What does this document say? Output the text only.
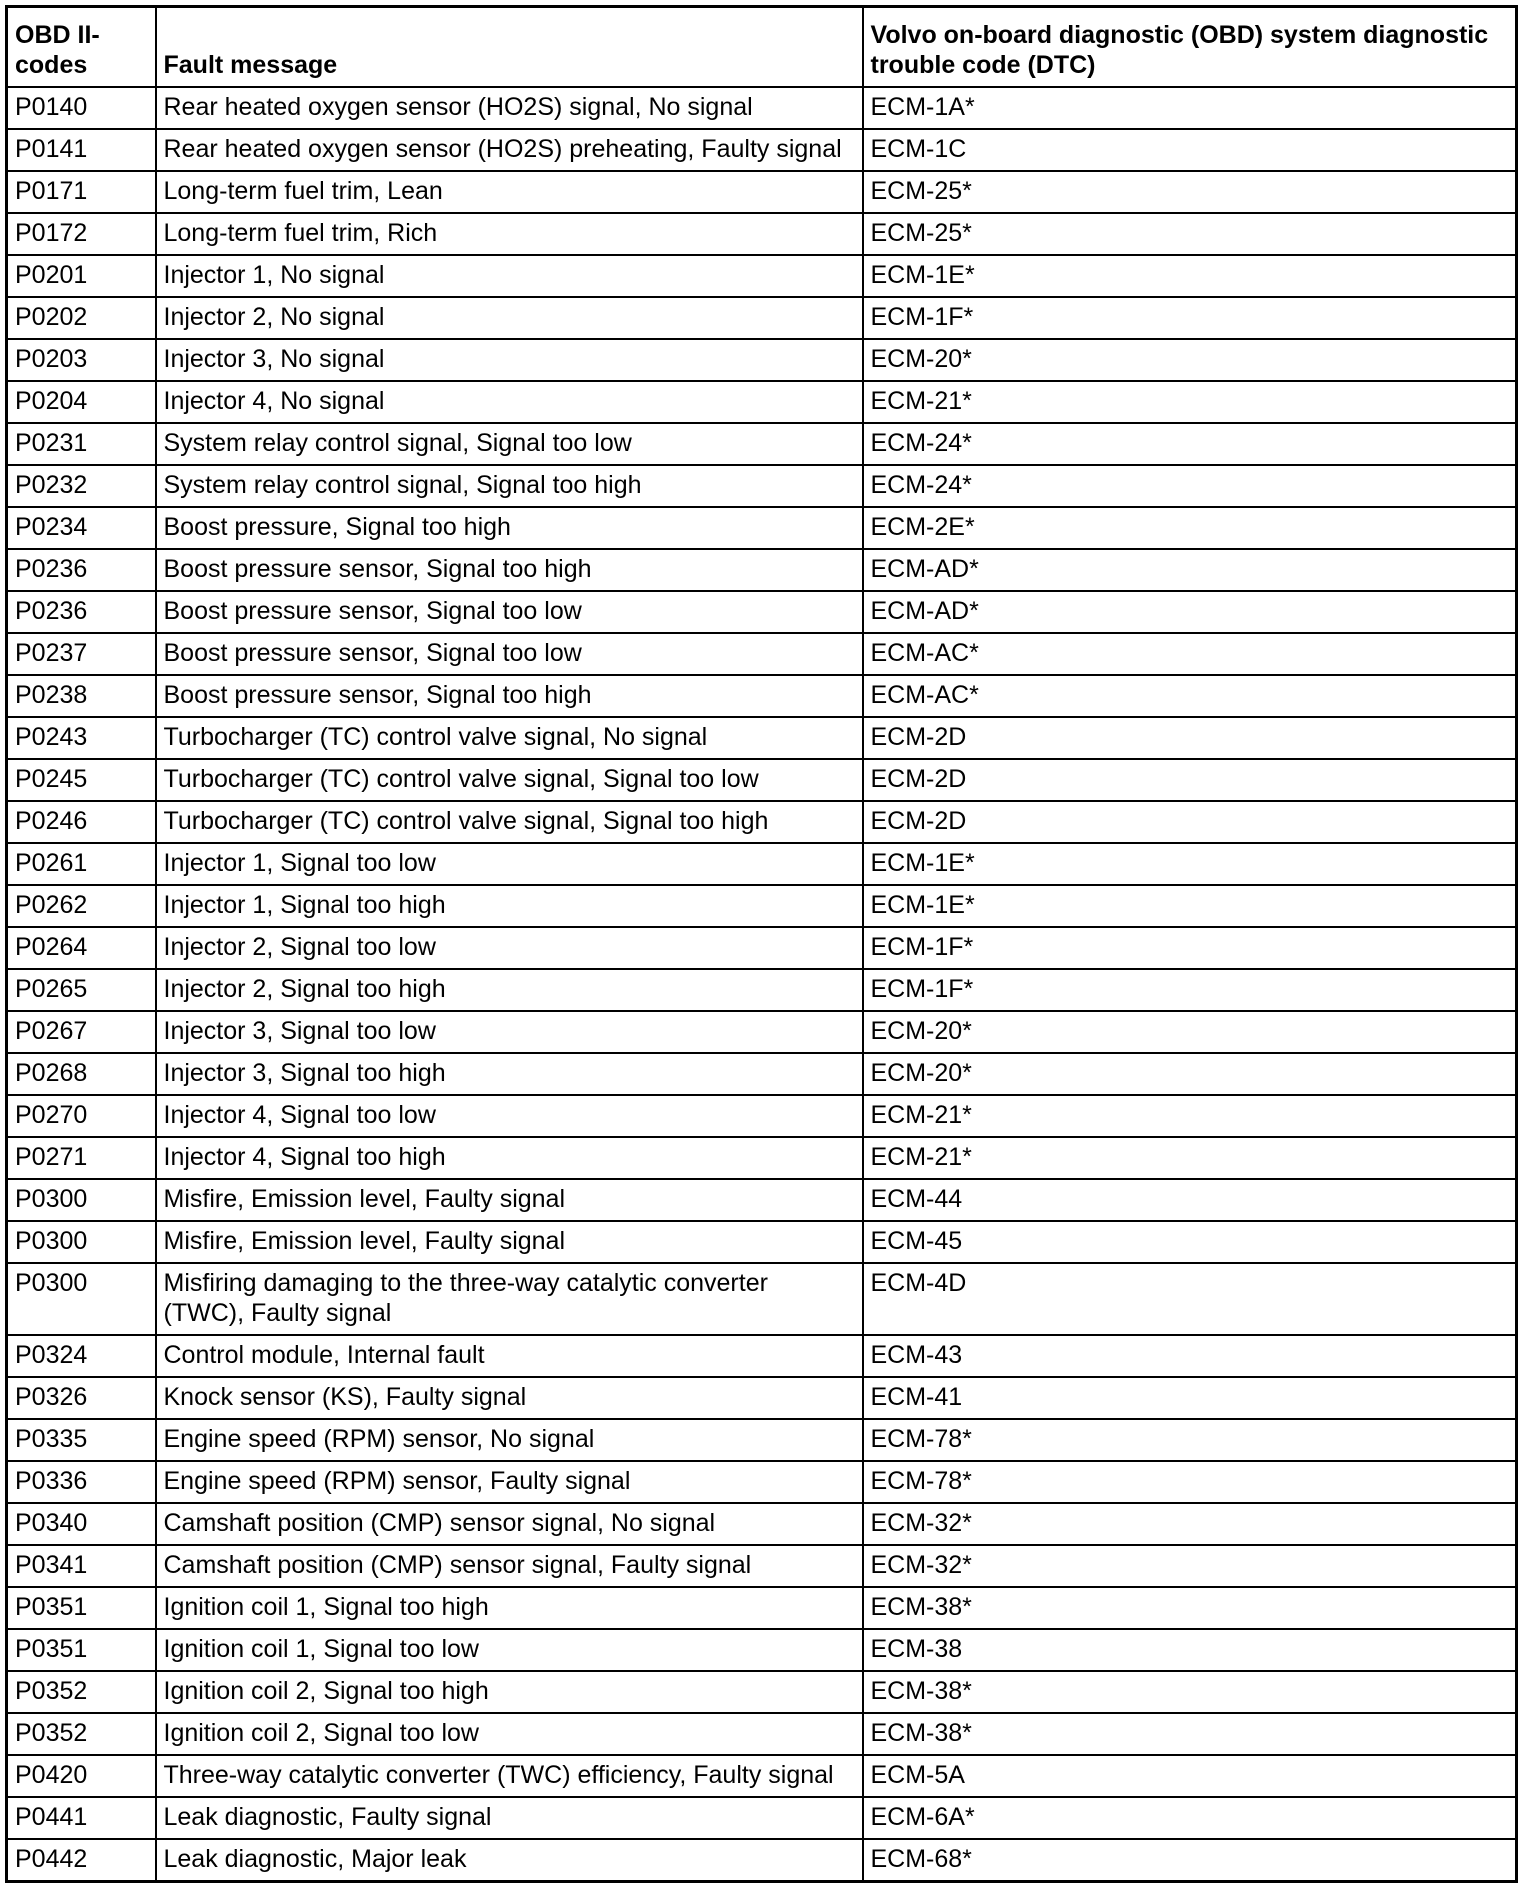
OBD II-codes	Fault message	Volvo on-board diagnostic (OBD) system diagnostic trouble code (DTC)
P0140	Rear heated oxygen sensor (HO2S) signal, No signal	ECM-1A*
P0141	Rear heated oxygen sensor (HO2S) preheating, Faulty signal	ECM-1C
P0171	Long-term fuel trim, Lean	ECM-25*
P0172	Long-term fuel trim, Rich	ECM-25*
P0201	Injector 1, No signal	ECM-1E*
P0202	Injector 2, No signal	ECM-1F*
P0203	Injector 3, No signal	ECM-20*
P0204	Injector 4, No signal	ECM-21*
P0231	System relay control signal, Signal too low	ECM-24*
P0232	System relay control signal, Signal too high	ECM-24*
P0234	Boost pressure, Signal too high	ECM-2E*
P0236	Boost pressure sensor, Signal too high	ECM-AD*
P0236	Boost pressure sensor, Signal too low	ECM-AD*
P0237	Boost pressure sensor, Signal too low	ECM-AC*
P0238	Boost pressure sensor, Signal too high	ECM-AC*
P0243	Turbocharger (TC) control valve signal, No signal	ECM-2D
P0245	Turbocharger (TC) control valve signal, Signal too low	ECM-2D
P0246	Turbocharger (TC) control valve signal, Signal too high	ECM-2D
P0261	Injector 1, Signal too low	ECM-1E*
P0262	Injector 1, Signal too high	ECM-1E*
P0264	Injector 2, Signal too low	ECM-1F*
P0265	Injector 2, Signal too high	ECM-1F*
P0267	Injector 3, Signal too low	ECM-20*
P0268	Injector 3, Signal too high	ECM-20*
P0270	Injector 4, Signal too low	ECM-21*
P0271	Injector 4, Signal too high	ECM-21*
P0300	Misfire, Emission level, Faulty signal	ECM-44
P0300	Misfire, Emission level, Faulty signal	ECM-45
P0300	Misfiring damaging to the three-way catalytic converter (TWC), Faulty signal	ECM-4D
P0324	Control module, Internal fault	ECM-43
P0326	Knock sensor (KS), Faulty signal	ECM-41
P0335	Engine speed (RPM) sensor, No signal	ECM-78*
P0336	Engine speed (RPM) sensor, Faulty signal	ECM-78*
P0340	Camshaft position (CMP) sensor signal, No signal	ECM-32*
P0341	Camshaft position (CMP) sensor signal, Faulty signal	ECM-32*
P0351	Ignition coil 1, Signal too high	ECM-38*
P0351	Ignition coil 1, Signal too low	ECM-38
P0352	Ignition coil 2, Signal too high	ECM-38*
P0352	Ignition coil 2, Signal too low	ECM-38*
P0420	Three-way catalytic converter (TWC) efficiency, Faulty signal	ECM-5A
P0441	Leak diagnostic, Faulty signal	ECM-6A*
P0442	Leak diagnostic, Major leak	ECM-68*
